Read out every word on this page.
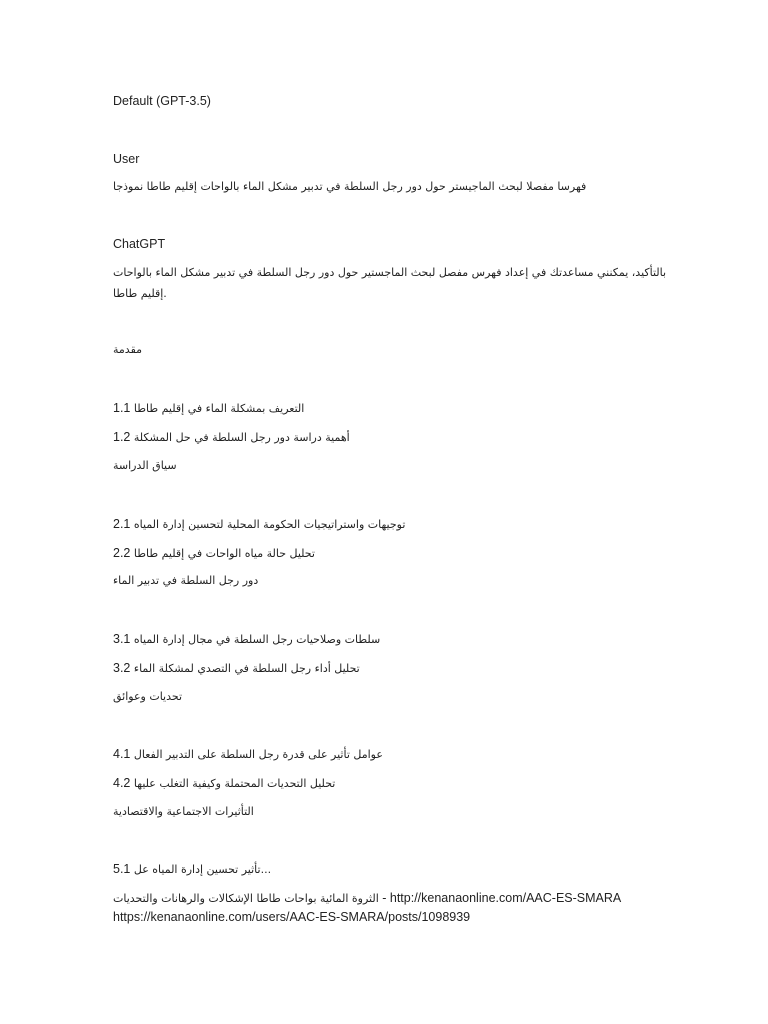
Default (GPT-3.5)

User

فهرسا مفصلا لبحث الماجيستر حول دور رجل السلطة في تدبير مشكل الماء بالواحات إقليم طاطا نموذجا

ChatGPT

بالتأكيد، يمكنني مساعدتك في إعداد فهرس مفصل لبحث الماجستير حول دور رجل السلطة في تدبير مشكل الماء بالواحات

.إقليم طاطا

مقدمة

1.1 التعريف بمشكلة الماء في إقليم طاطا

1.2 أهمية دراسة دور رجل السلطة في حل المشكلة

سياق الدراسة

2.1 توجيهات واستراتيجيات الحكومة المحلية لتحسين إدارة المياه

2.2 تحليل حالة مياه الواحات في إقليم طاطا

دور رجل السلطة في تدبير الماء

3.1 سلطات وصلاحيات رجل السلطة في مجال إدارة المياه

3.2 تحليل أداء رجل السلطة في التصدي لمشكلة الماء

تحديات وعوائق

4.1 عوامل تأثير على قدرة رجل السلطة على التدبير الفعال

4.2 تحليل التحديات المحتملة وكيفية التغلب عليها

التأثيرات الاجتماعية والاقتصادية

5.1 ...تأثير تحسين إدارة المياه عل

الثروة المائية بواحات طاطا الإشكالات والرهانات والتحديات - http://kenanaonline.com/AAC-ES-SMARA

https://kenanaonline.com/users/AAC-ES-SMARA/posts/1098939
